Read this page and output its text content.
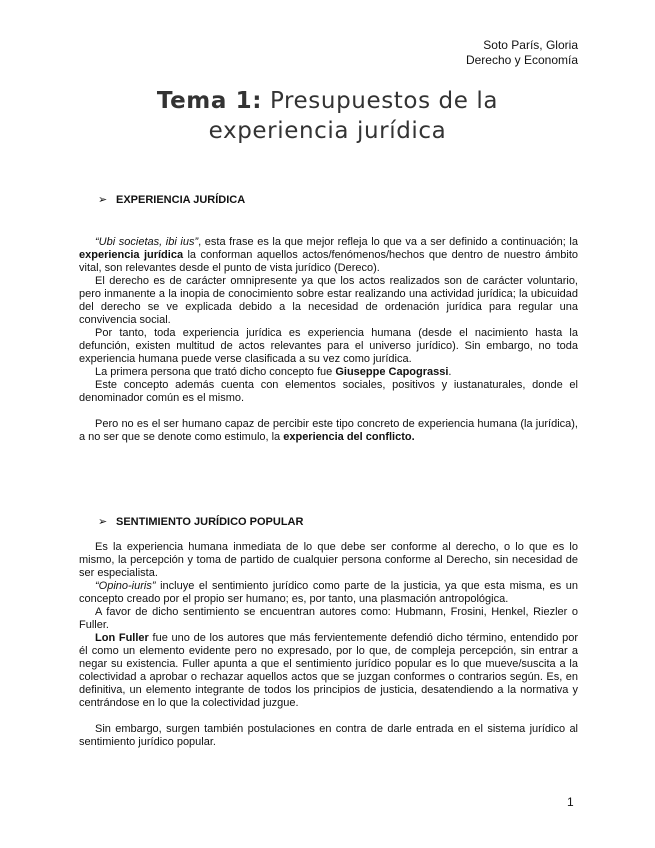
Soto París, Gloria
Derecho y Economía
Tema 1: Presupuestos de la
experiencia jurídica
➢ EXPERIENCIA JURÍDICA

“Ubi societas, ibi ius”, esta frase es la que mejor refleja lo que va a ser definido a continuación; la experiencia jurídica la conforman aquellos actos/fenómenos/hechos que dentro de nuestro ámbito vital, son relevantes desde el punto de vista jurídico (Dereco).

El derecho es de carácter omnipresente ya que los actos realizados son de carácter voluntario, pero inmanente a la inopia de conocimiento sobre estar realizando una actividad jurídica; la ubicuidad del derecho se ve explicada debido a la necesidad de ordenación jurídica para regular una convivencia social.

Por tanto, toda experiencia jurídica es experiencia humana (desde el nacimiento hasta la defunción, existen multitud de actos relevantes para el universo jurídico). Sin embargo, no toda experiencia humana puede verse clasificada a su vez como jurídica.

La primera persona que trató dicho concepto fue Giuseppe Capograssi.

Este concepto además cuenta con elementos sociales, positivos y iustanaturales, donde el denominador común es el mismo.

Pero no es el ser humano capaz de percibir este tipo concreto de experiencia humana (la jurídica), a no ser que se denote como estimulo, la experiencia del conflicto.

➢ SENTIMIENTO JURÍDICO POPULAR

Es la experiencia humana inmediata de lo que debe ser conforme al derecho, o lo que es lo mismo, la percepción y toma de partido de cualquier persona conforme al Derecho, sin necesidad de ser especialista.

“Opino-iuris” incluye el sentimiento jurídico como parte de la justicia, ya que esta misma, es un concepto creado por el propio ser humano; es, por tanto, una plasmación antropológica.

A favor de dicho sentimiento se encuentran autores como: Hubmann, Frosini, Henkel, Riezler o Fuller.

Lon Fuller fue uno de los autores que más fervientemente defendió dicho término, entendido por él como un elemento evidente pero no expresado, por lo que, de compleja percepción, sin entrar a negar su existencia. Fuller apunta a que el sentimiento jurídico popular es lo que mueve/suscita a la colectividad a aprobar o rechazar aquellos actos que se juzgan conformes o contrarios según. Es, en definitiva, un elemento integrante de todos los principios de justicia, desatendiendo a la normativa y centrándose en lo que la colectividad juzgue.

Sin embargo, surgen también postulaciones en contra de darle entrada en el sistema jurídico al sentimiento jurídico popular.

1
